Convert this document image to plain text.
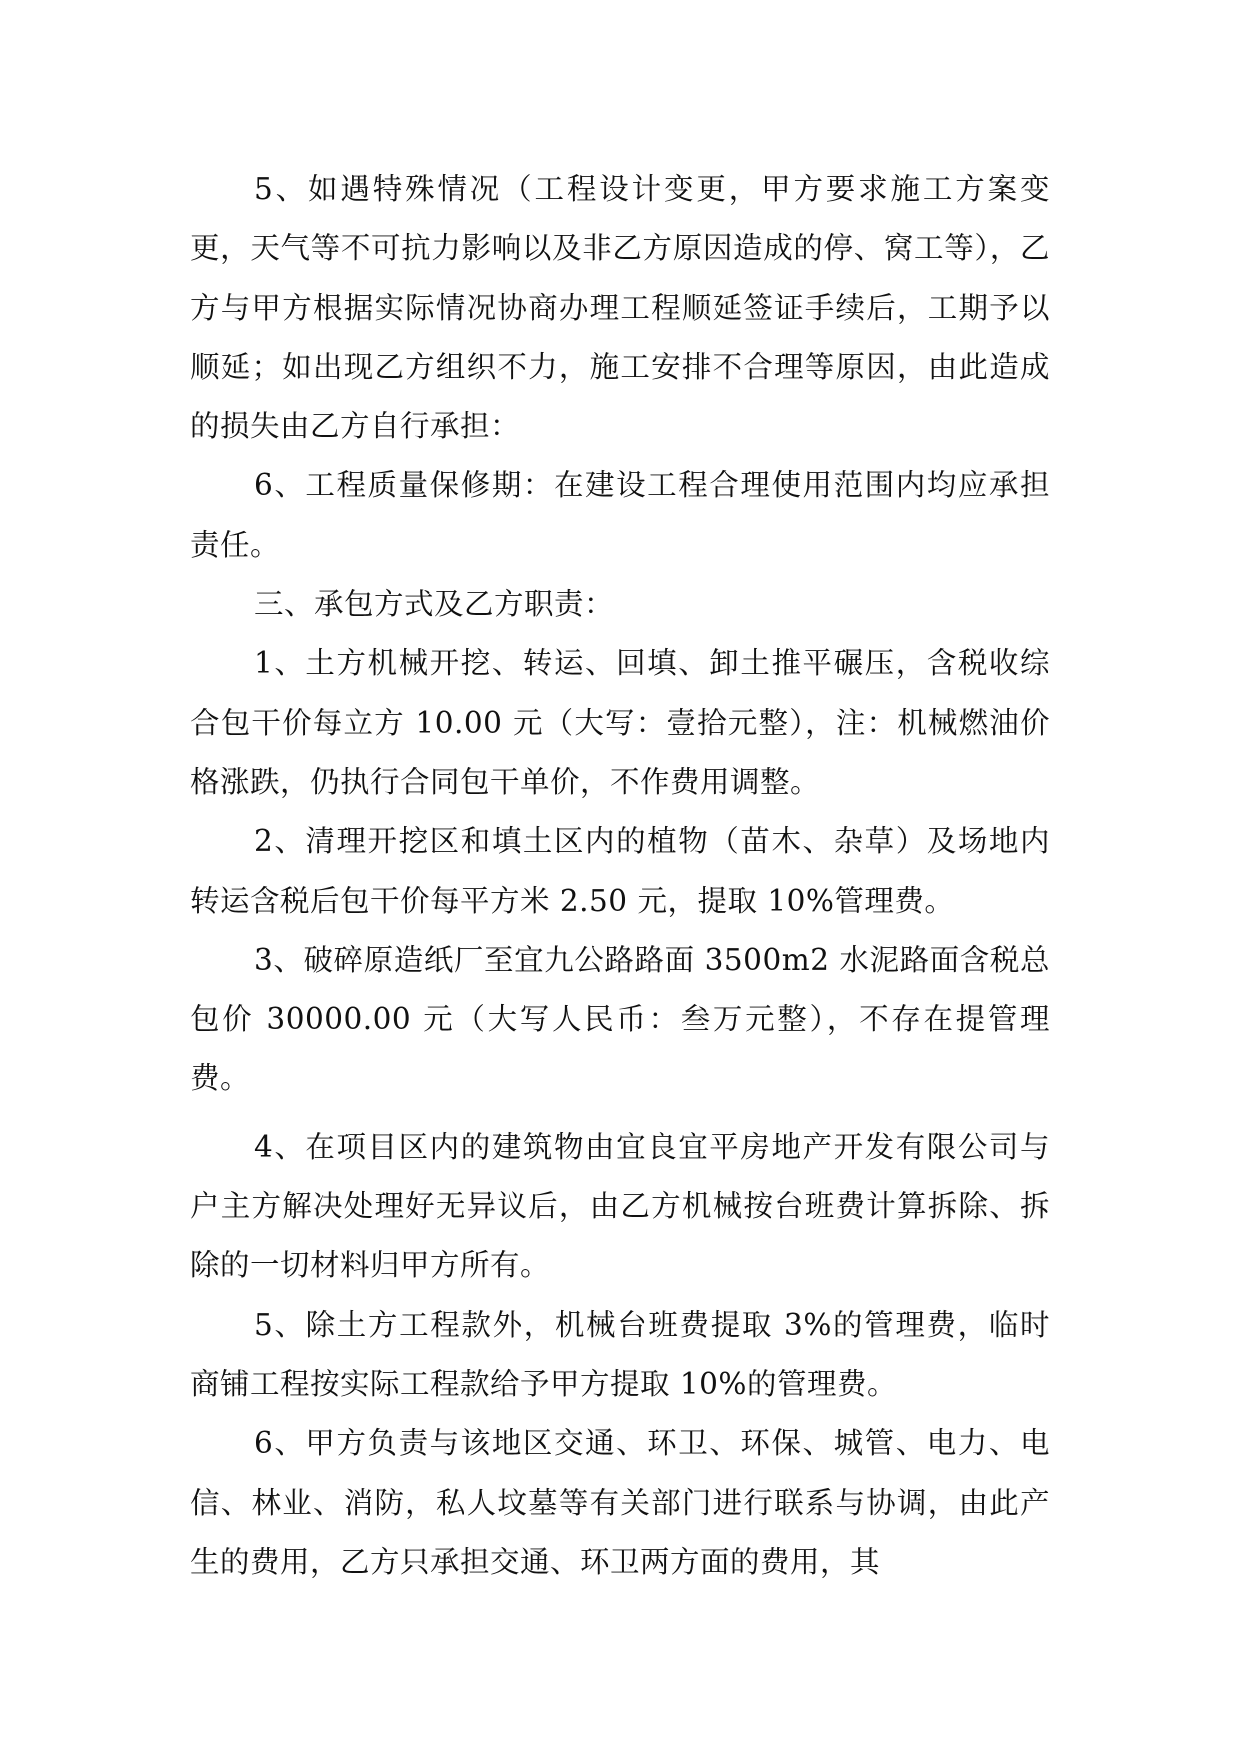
5、如遇特殊情况（工程设计变更，甲方要求施工方案变更，天气等不可抗力影响以及非乙方原因造成的停、窝工等），乙方与甲方根据实际情况协商办理工程顺延签证手续后，工期予以顺延；如出现乙方组织不力，施工安排不合理等原因，由此造成的损失由乙方自行承担：

6、工程质量保修期：在建设工程合理使用范围内均应承担责任。

三、承包方式及乙方职责：

1、土方机械开挖、转运、回填、卸土推平碾压，含税收综合包干价每立方 10.00 元（大写：壹拾元整），注：机械燃油价格涨跌，仍执行合同包干单价，不作费用调整。

2、清理开挖区和填土区内的植物（苗木、杂草）及场地内转运含税后包干价每平方米 2.50 元，提取 10%管理费。

3、破碎原造纸厂至宜九公路路面 3500m2 水泥路面含税总包价 30000.00 元（大写人民币：叁万元整），不存在提管理费。

4、在项目区内的建筑物由宜良宜平房地产开发有限公司与户主方解决处理好无异议后，由乙方机械按台班费计算拆除、拆除的一切材料归甲方所有。

5、除土方工程款外，机械台班费提取 3%的管理费，临时商铺工程按实际工程款给予甲方提取 10%的管理费。

6、甲方负责与该地区交通、环卫、环保、城管、电力、电信、林业、消防，私人坟墓等有关部门进行联系与协调，由此产生的费用，乙方只承担交通、环卫两方面的费用，其
